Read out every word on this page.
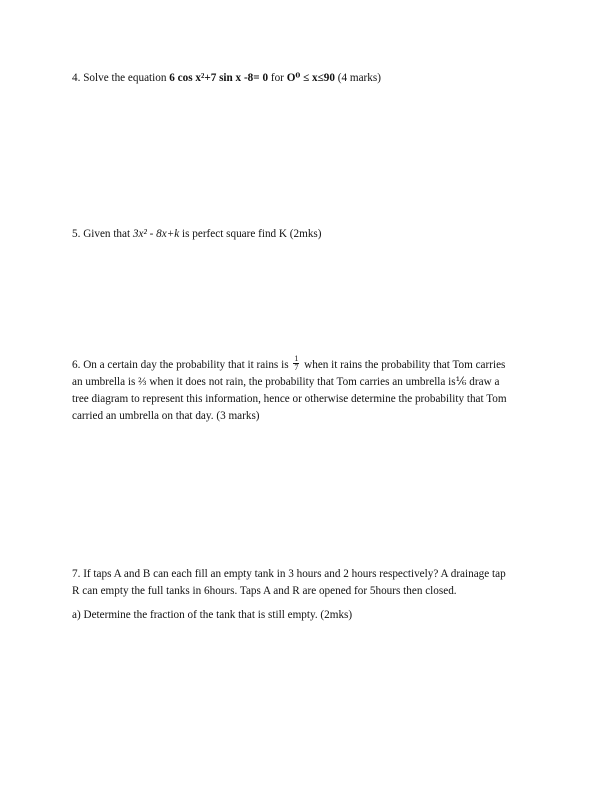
4. Solve the equation 6 cos x²+7 sin x -8= 0 for O⁰ ≤ x≤90 (4 marks)
5. Given that 3x² - 8x+k is perfect square find K (2mks)

6. On a certain day the probability that it rains is $\frac{1}{7}$ when it rains the probability that Tom carries

an umbrella is ⅔ when it does not rain, the probability that Tom carries an umbrella is⅙ draw a

tree diagram to represent this information, hence or otherwise determine the probability that Tom

carried an umbrella on that day. (3 marks)

7. If taps A and B can each fill an empty tank in 3 hours and 2 hours respectively? A drainage tap

R can empty the full tanks in 6hours. Taps A and R are opened for 5hours then closed.

a) Determine the fraction of the tank that is still empty. (2mks)
